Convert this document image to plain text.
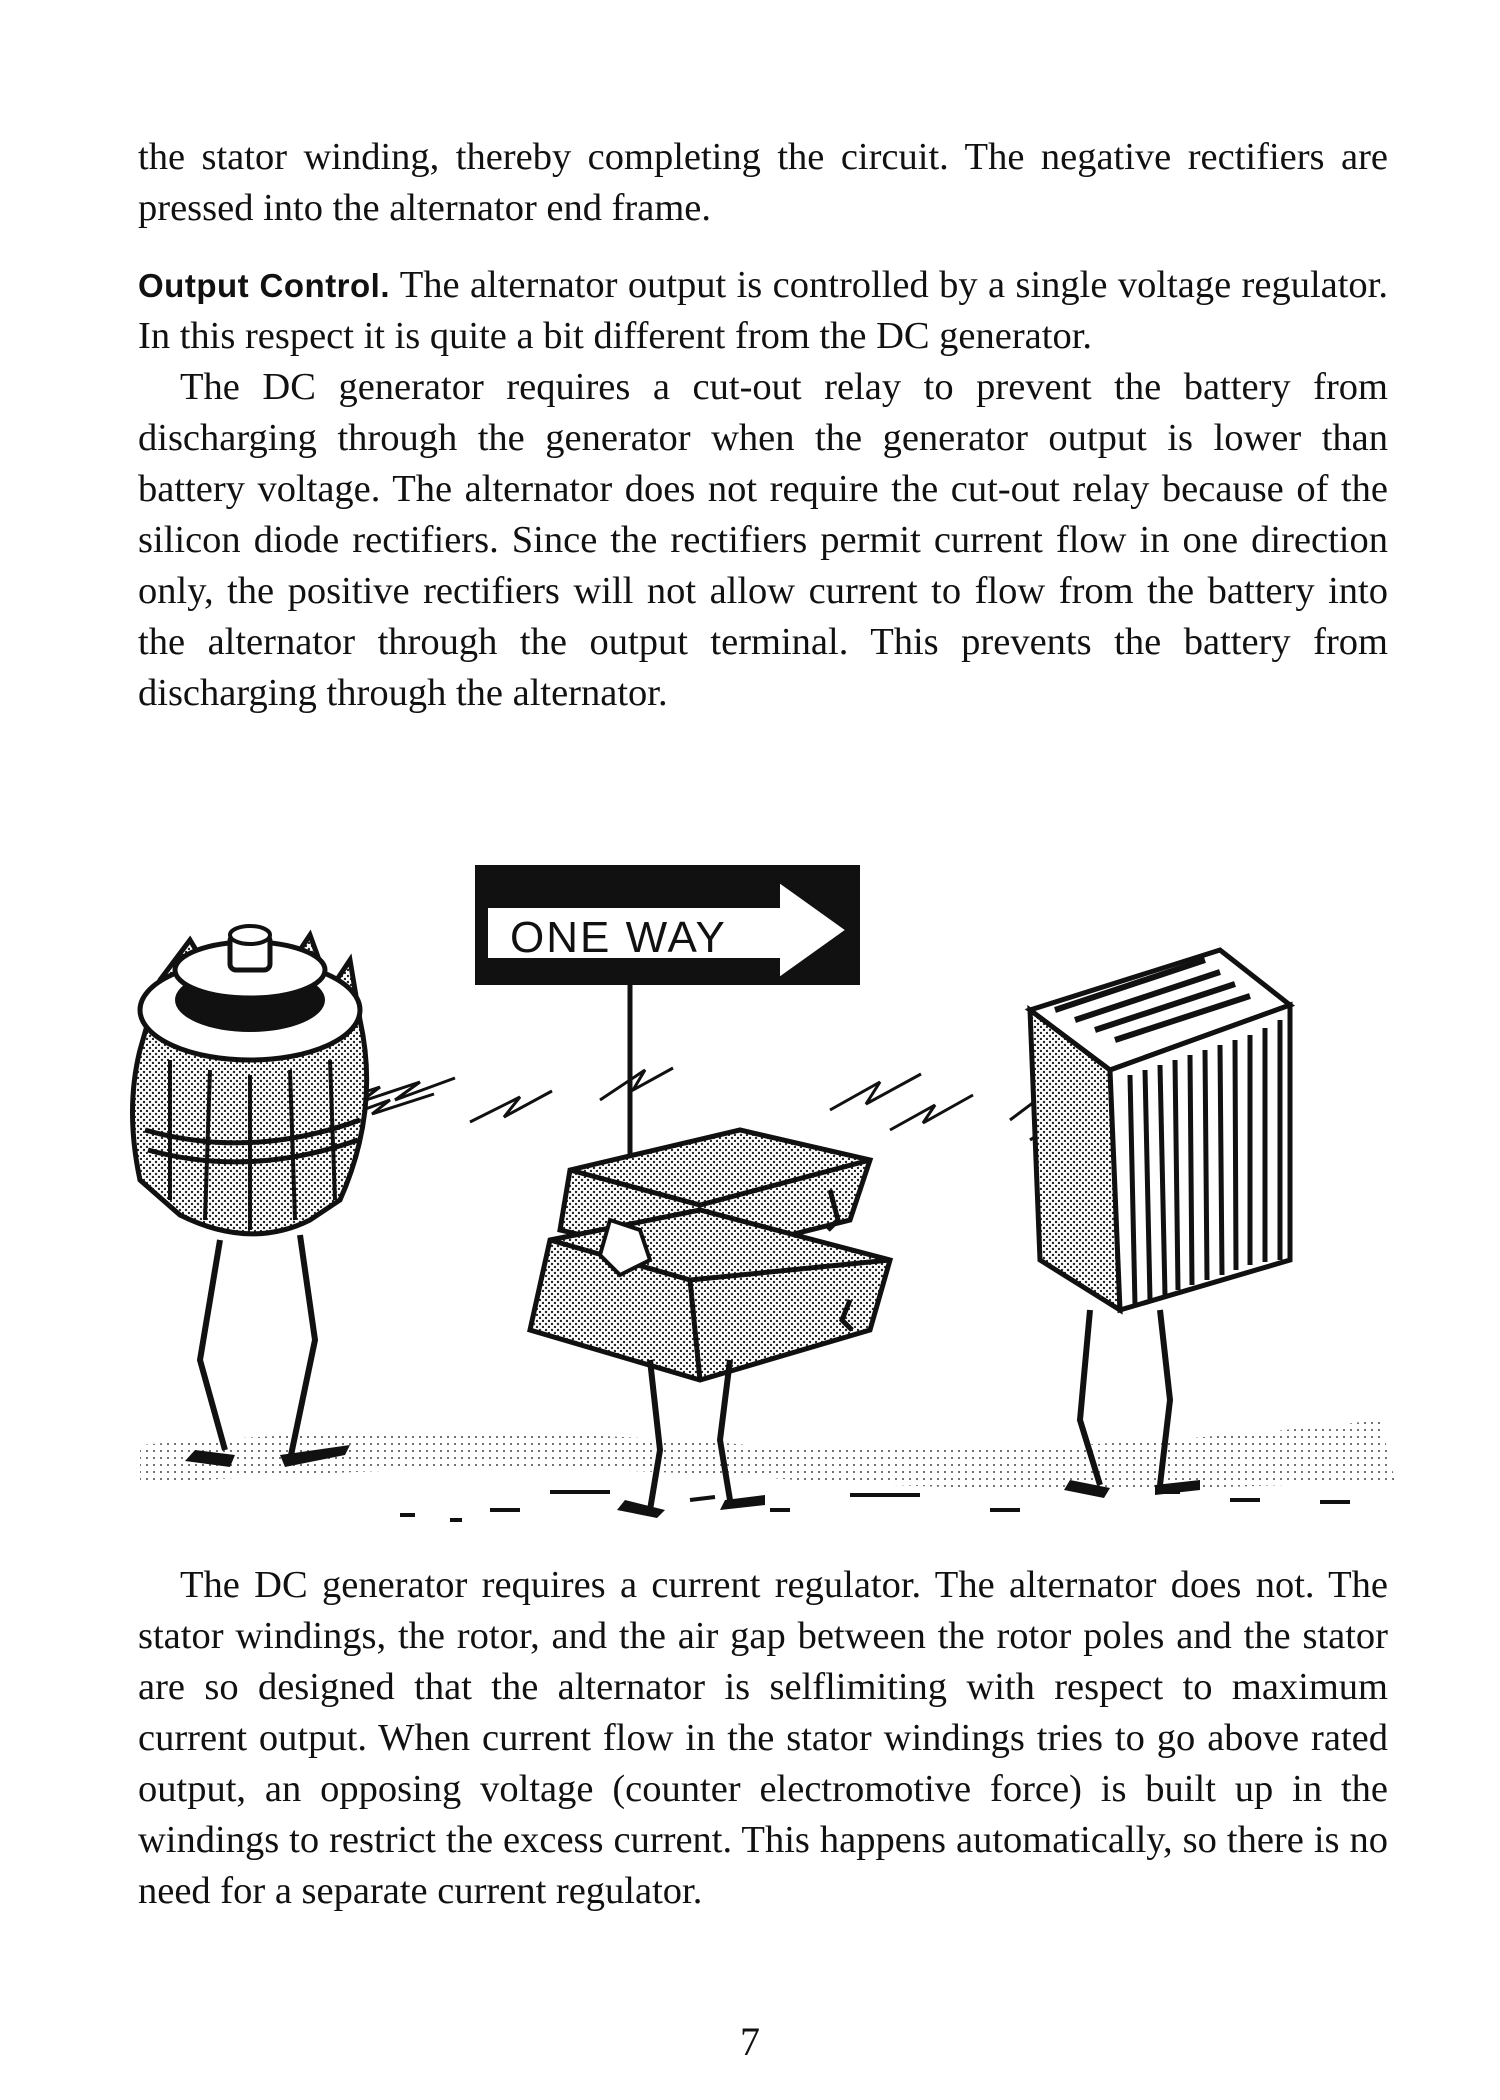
the stator winding, thereby completing the circuit. The negative rectifiers are pressed into the alternator end frame.

Output Control. The alternator output is controlled by a single voltage regulator. In this respect it is quite a bit different from the DC generator.

The DC generator requires a cut-out relay to prevent the battery from discharging through the generator when the generator output is lower than battery voltage. The alternator does not require the cut-out relay because of the silicon diode rectifiers. Since the rectifiers permit current flow in one direction only, the positive rectifiers will not allow current to flow from the battery into the alternator through the output terminal. This prevents the battery from discharging through the alternator.

ONE WAY

The DC generator requires a current regulator. The alternator does not. The stator windings, the rotor, and the air gap between the rotor poles and the stator are so designed that the alternator is selflimiting with respect to maximum current output. When current flow in the stator windings tries to go above rated output, an opposing voltage (counter electromotive force) is built up in the windings to restrict the excess current. This happens automatically, so there is no need for a separate current regulator.

7
